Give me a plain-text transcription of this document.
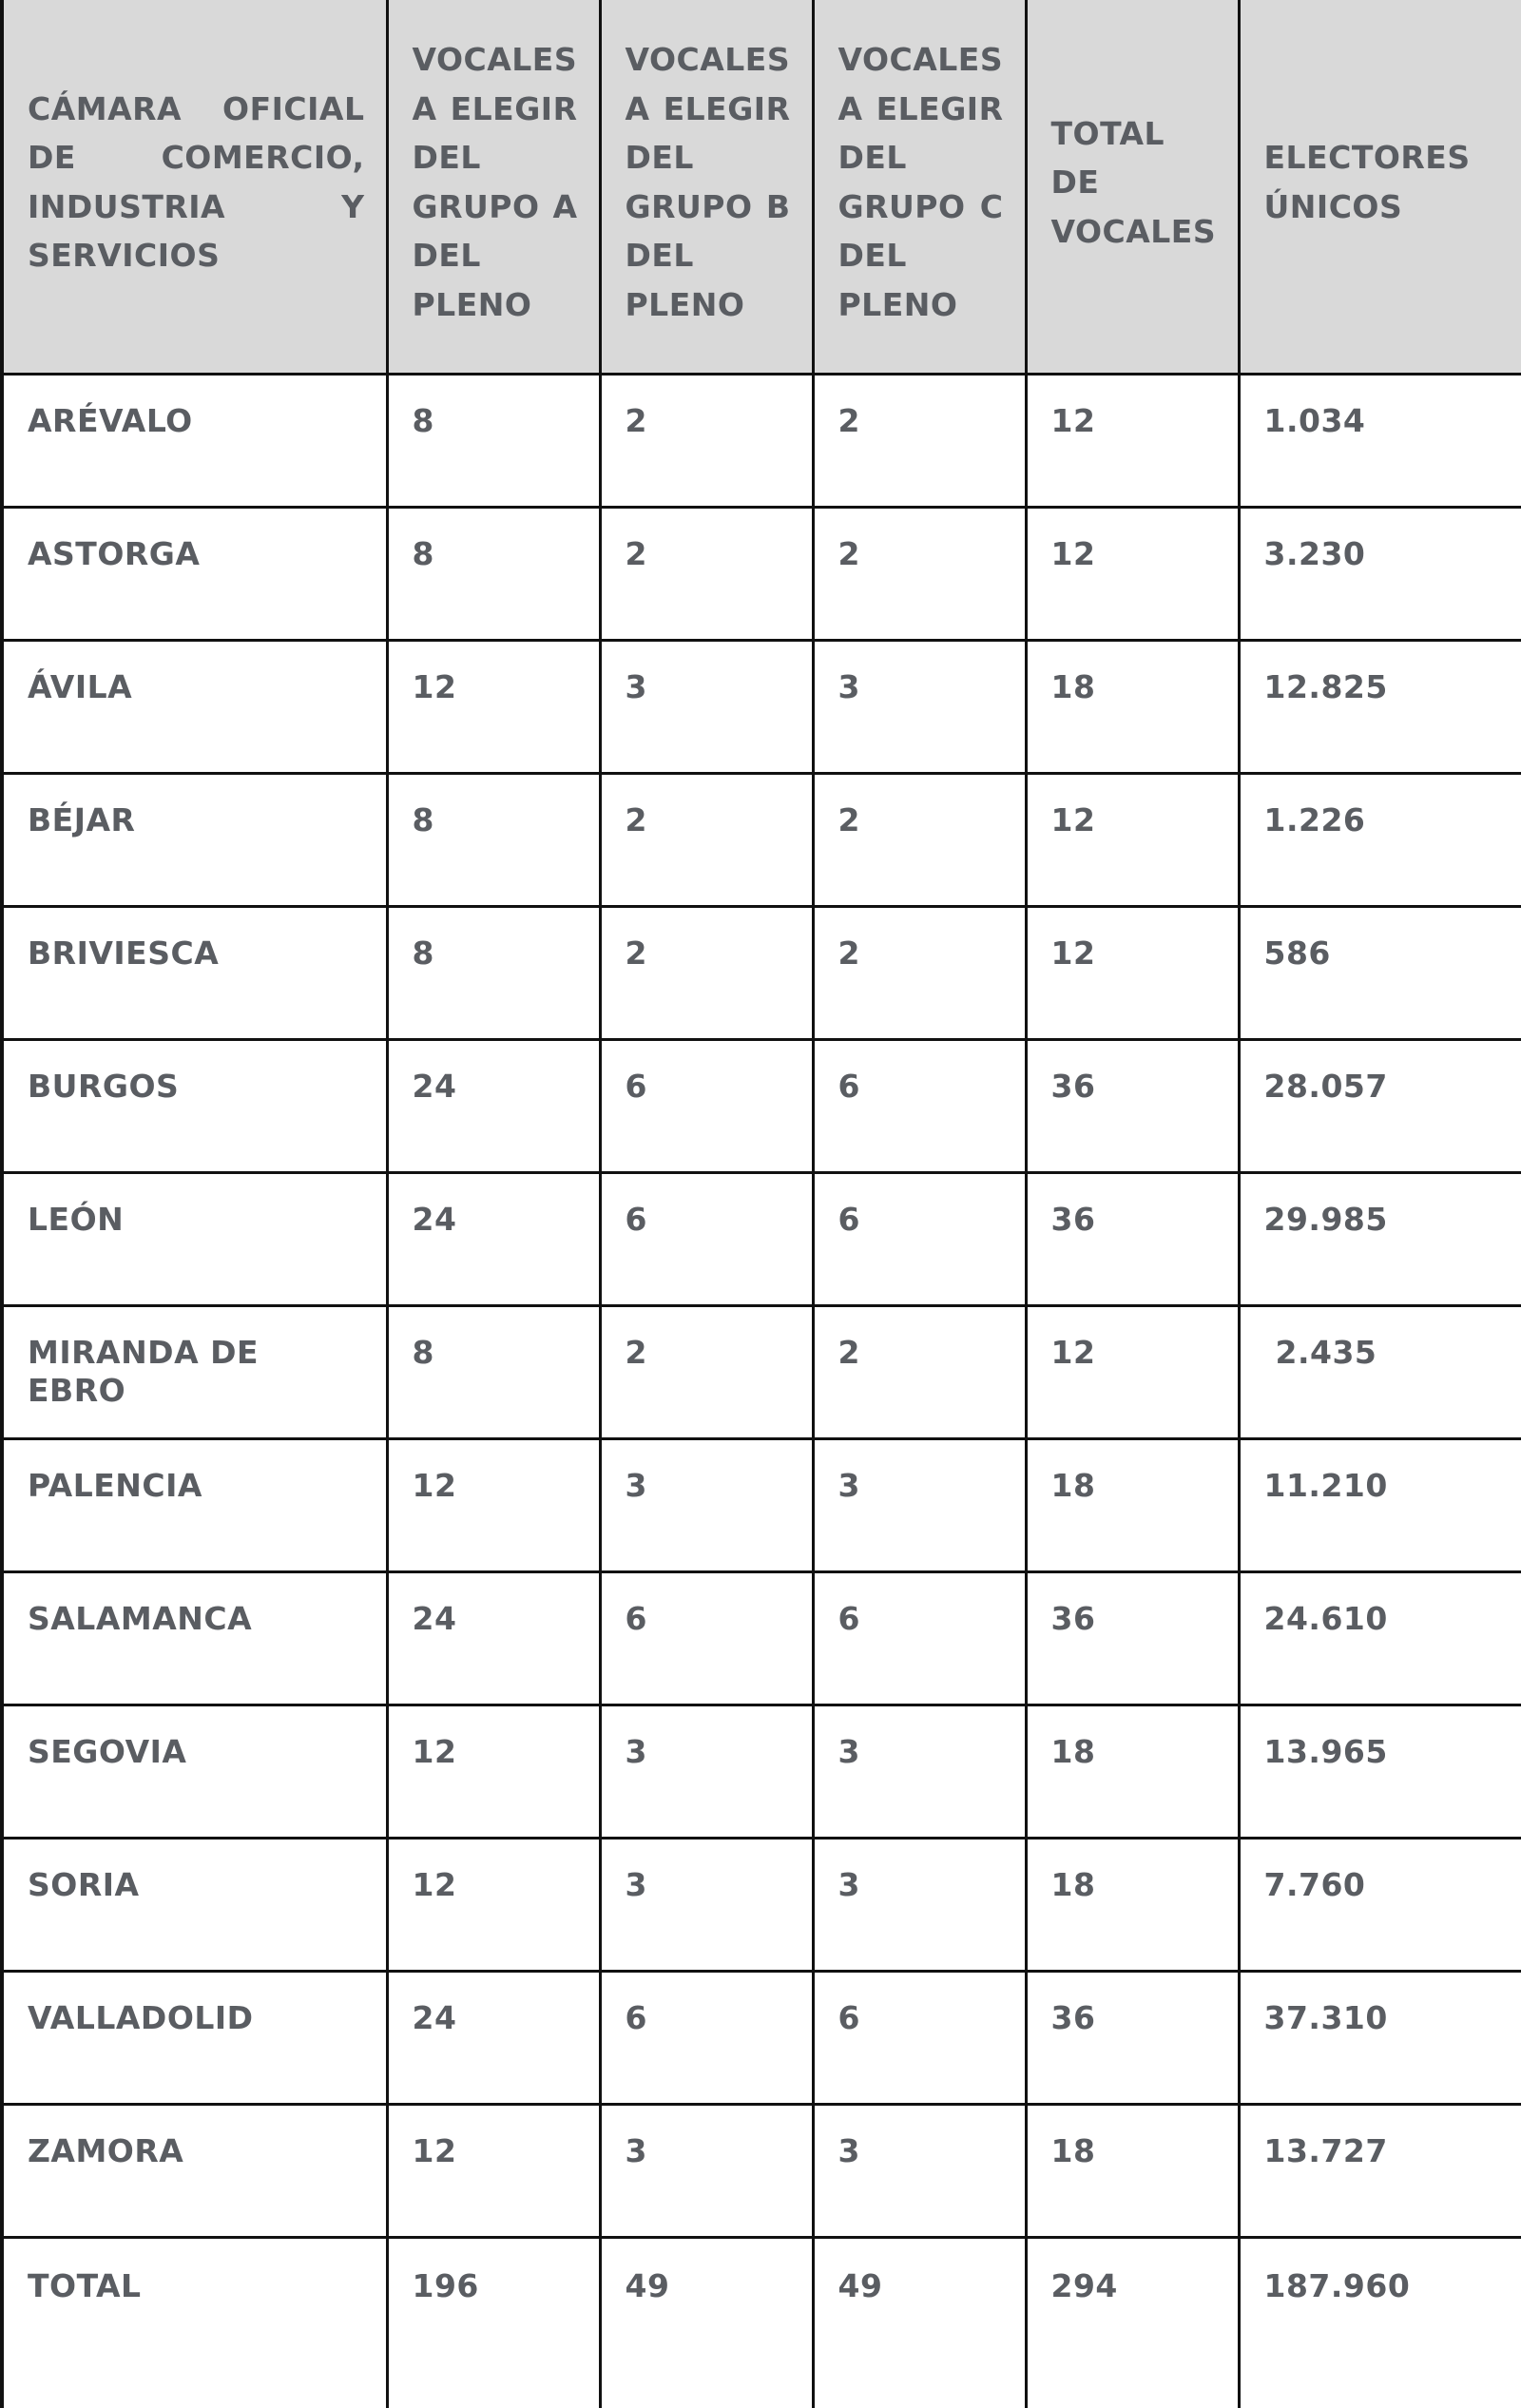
CÁMARA OFICIAL DE COMERCIO, INDUSTRIA Y SERVICIOS	VOCALES A ELEGIR DEL GRUPO A DEL PLENO	VOCALES A ELEGIR DEL GRUPO B DEL PLENO	VOCALES A ELEGIR DEL GRUPO C DEL PLENO	TOTAL DE VOCALES	ELECTORES ÚNICOS
ARÉVALO	8	2	2	12	1.034
ASTORGA	8	2	2	12	3.230
ÁVILA	12	3	3	18	12.825
BÉJAR	8	2	2	12	1.226
BRIVIESCA	8	2	2	12	586
BURGOS	24	6	6	36	28.057
LEÓN	24	6	6	36	29.985
MIRANDA DE EBRO	8	2	2	12	2.435
PALENCIA	12	3	3	18	11.210
SALAMANCA	24	6	6	36	24.610
SEGOVIA	12	3	3	18	13.965
SORIA	12	3	3	18	7.760
VALLADOLID	24	6	6	36	37.310
ZAMORA	12	3	3	18	13.727
TOTAL	196	49	49	294	187.960
